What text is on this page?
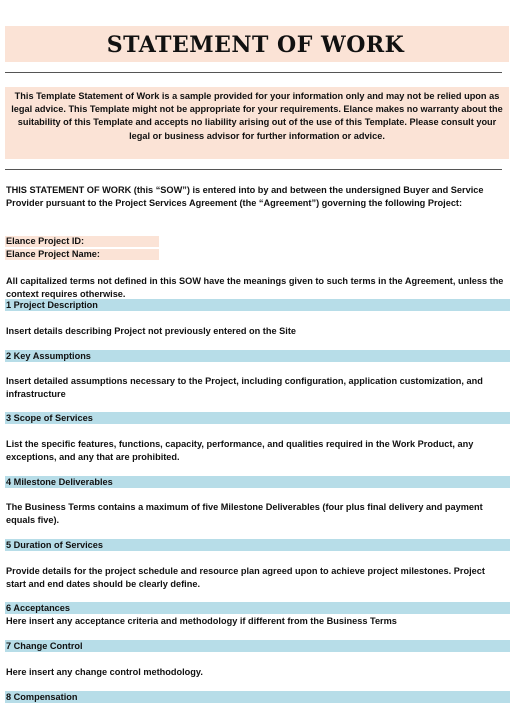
STATEMENT OF WORK
This Template Statement of Work is a sample provided for your information only and may not be relied upon as legal advice. This Template might not be appropriate for your requirements. Elance makes no warranty about the suitability of this Template and accepts no liability arising out of the use of this Template. Please consult your legal or business advisor for further information or advice.
THIS STATEMENT OF WORK (this “SOW”) is entered into by and between the undersigned Buyer and Service Provider pursuant to the Project Services Agreement (the “Agreement”) governing the following Project:
Elance Project ID:
Elance Project Name:
All capitalized terms not defined in this SOW have the meanings given to such terms in the Agreement, unless the context requires otherwise.
1 Project Description
Insert details describing Project not previously entered on the Site
2 Key Assumptions
Insert detailed assumptions necessary to the Project, including configuration, application customization, and infrastructure
3 Scope of Services
List the specific features, functions, capacity, performance, and qualities required in the Work Product, any exceptions, and any that are prohibited.
4 Milestone Deliverables
The Business Terms contains a maximum of five Milestone Deliverables (four plus final delivery and payment equals five).
5 Duration of Services
Provide details for the project schedule and resource plan agreed upon to achieve project milestones. Project start and end dates should be clearly define.
6 Acceptances
Here insert any acceptance criteria and methodology if different from the Business Terms
7 Change Control
Here insert any change control methodology.
8 Compensation
